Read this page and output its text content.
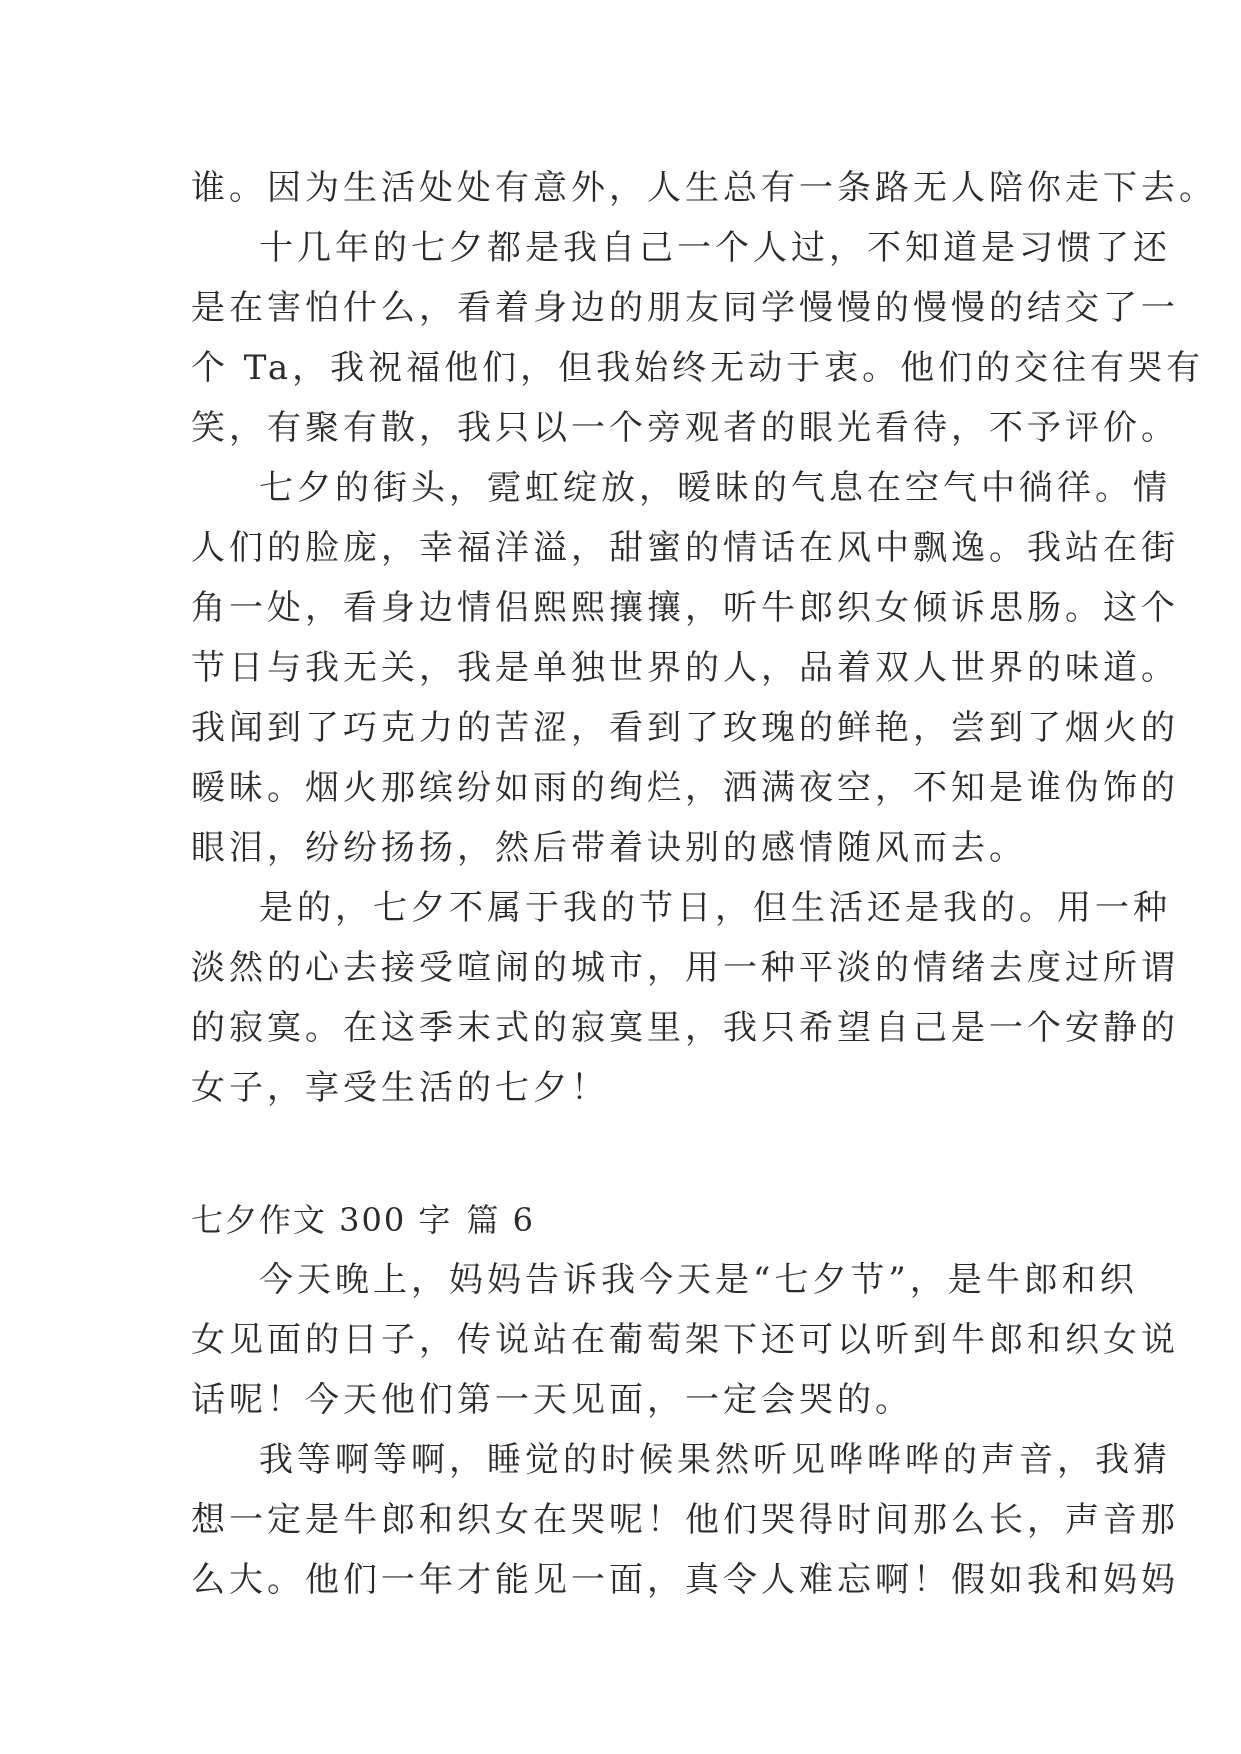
谁。因为生活处处有意外，人生总有一条路无人陪你走下去。
十几年的七夕都是我自己一个人过，不知道是习惯了还
是在害怕什么，看着身边的朋友同学慢慢的慢慢的结交了一
个 Ta，我祝福他们，但我始终无动于衷。他们的交往有哭有
笑，有聚有散，我只以一个旁观者的眼光看待，不予评价。
七夕的街头，霓虹绽放，暧昧的气息在空气中徜徉。情
人们的脸庞，幸福洋溢，甜蜜的情话在风中飘逸。我站在街
角一处，看身边情侣熙熙攘攘，听牛郎织女倾诉思肠。这个
节日与我无关，我是单独世界的人，品着双人世界的味道。
我闻到了巧克力的苦涩，看到了玫瑰的鲜艳，尝到了烟火的
暧昧。烟火那缤纷如雨的绚烂，洒满夜空，不知是谁伪饰的
眼泪，纷纷扬扬，然后带着诀别的感情随风而去。
是的，七夕不属于我的节日，但生活还是我的。用一种
淡然的心去接受喧闹的城市，用一种平淡的情绪去度过所谓
的寂寞。在这季末式的寂寞里，我只希望自己是一个安静的
女子，享受生活的七夕！
七夕作文 300 字 篇 6
今天晚上，妈妈告诉我今天是“七夕节”，是牛郎和织
女见面的日子，传说站在葡萄架下还可以听到牛郎和织女说
话呢！今天他们第一天见面，一定会哭的。
我等啊等啊，睡觉的时候果然听见哗哗哗的声音，我猜
想一定是牛郎和织女在哭呢！他们哭得时间那么长，声音那
么大。他们一年才能见一面，真令人难忘啊！假如我和妈妈
